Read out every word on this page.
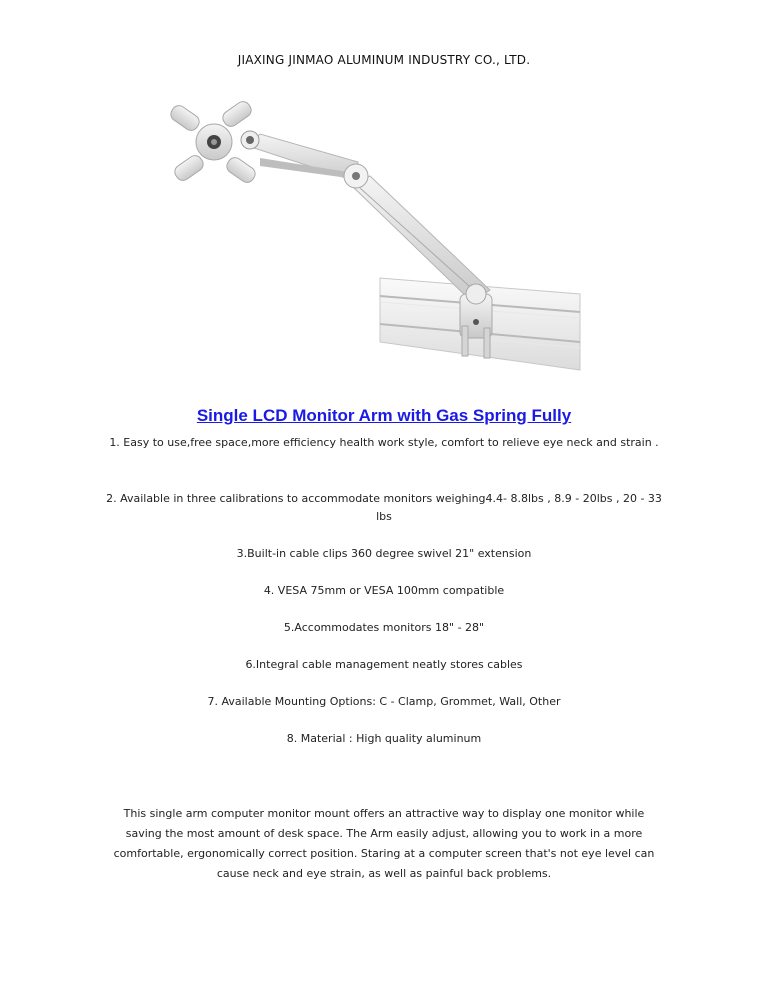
JIAXING JINMAO ALUMINUM INDUSTRY CO., LTD.
Single LCD Monitor Arm with Gas Spring Fully
1. Easy to use,free space,more efficiency health work style, comfort to relieve eye neck and strain .
2. Available in three calibrations to accommodate monitors weighing4.4- 8.8lbs , 8.9 - 20lbs , 20 - 33 lbs
3.Built-in cable clips 360 degree swivel 21" extension
4. VESA 75mm or VESA 100mm compatible
5.Accommodates monitors 18" - 28"
6.Integral cable management neatly stores cables
7. Available Mounting Options: C - Clamp, Grommet, Wall, Other
8. Material : High quality aluminum
This single arm computer monitor mount offers an attractive way to display one monitor while saving the most amount of desk space. The Arm easily adjust, allowing you to work in a more comfortable, ergonomically correct position. Staring at a computer screen that's not eye level can cause neck and eye strain, as well as painful back problems.
